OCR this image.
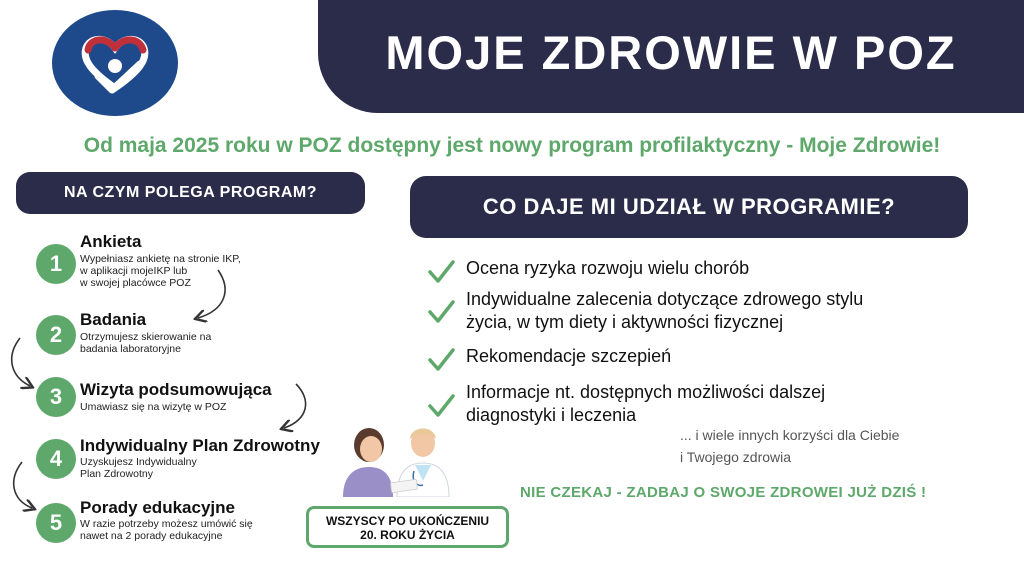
MOJE ZDROWIE W POZ
Od maja 2025 roku w POZ dostępny jest nowy program profilaktyczny - Moje Zdrowie!
NA CZYM POLEGA PROGRAM?
1
Ankieta
Wypełniasz ankietę na stronie IKP,
w aplikacji mojeIKP lub
w swojej placówce POZ
2
Badania
Otrzymujesz skierowanie na
badania laboratoryjne
3	Wizyta podsumowująca
Umawiasz się na wizytę w POZ
4
Indywidualny Plan Zdrowotny
Uzyskujesz Indywidualny
Plan Zdrowotny
5
Porady edukacyjne
W razie potrzeby możesz umówić się
nawet na 2 porady edukacyjne
CO DAJE MI UDZIAŁ W PROGRAMIE?
Ocena ryzyka rozwoju wielu chorób
Indywidualne zalecenia dotyczące zdrowego stylu
życia, w tym diety i aktywności fizycznej
Rekomendacje szczepień
Informacje nt. dostępnych możliwości dalszej
diagnostyki i leczenia
... i wiele innych korzyści dla Ciebie
i Twojego zdrowia
NIE CZEKAJ - ZADBAJ O SWOJE ZDROWEI JUŻ DZIŚ !
WSZYSCY PO UKOŃCZENIU
20. ROKU ŻYCIA
